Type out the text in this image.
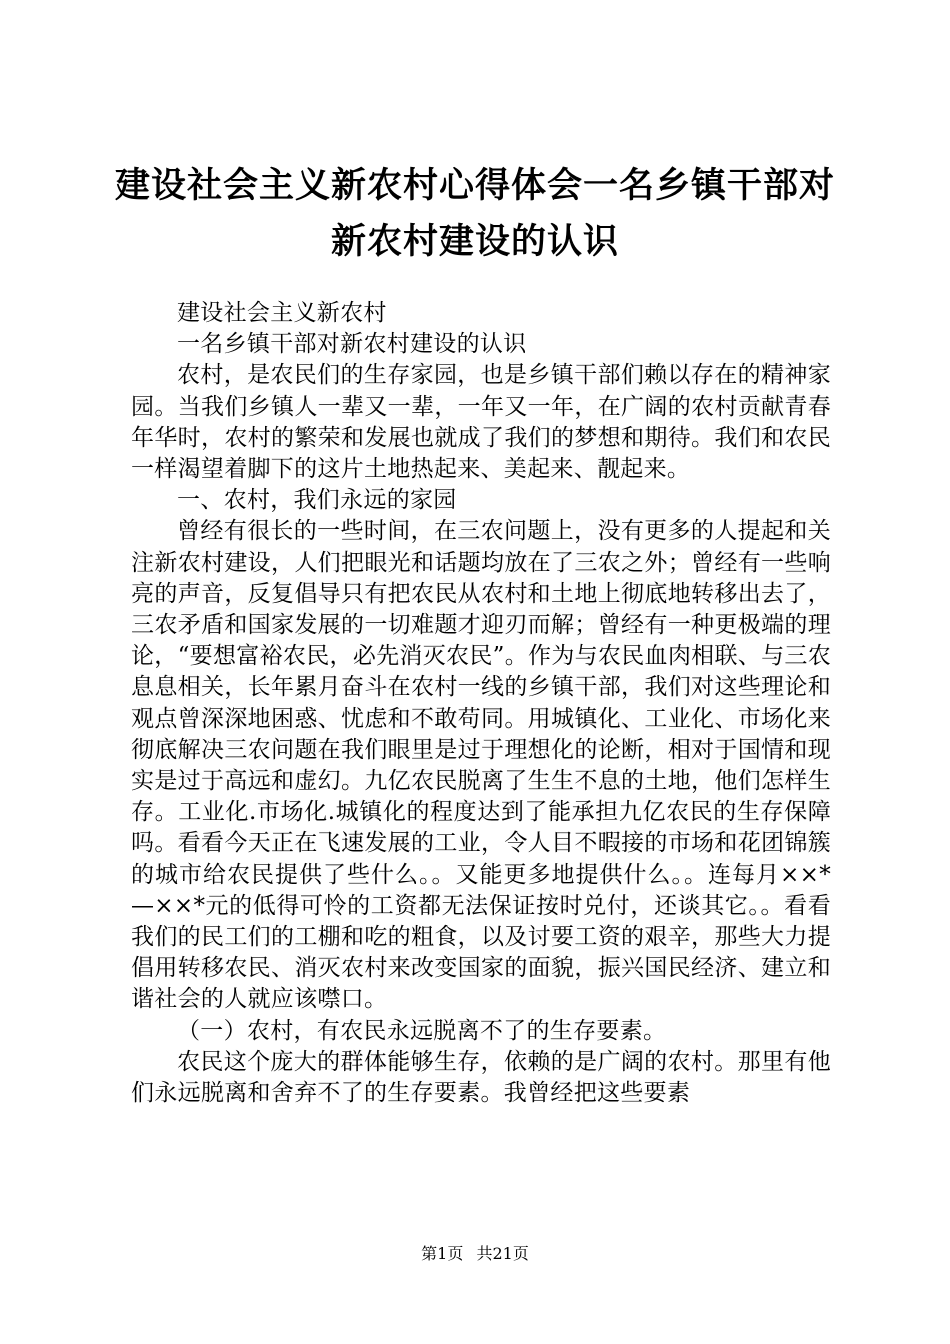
建设社会主义新农村心得体会一名乡镇干部对
新农村建设的认识

建设社会主义新农村

一名乡镇干部对新农村建设的认识

农村，是农民们的生存家园，也是乡镇干部们赖以存在的精神家园。当我们乡镇人一辈又一辈，一年又一年，在广阔的农村贡献青春年华时，农村的繁荣和发展也就成了我们的梦想和期待。我们和农民一样渴望着脚下的这片土地热起来、美起来、靓起来。

一、农村，我们永远的家园

曾经有很长的一些时间，在三农问题上，没有更多的人提起和关注新农村建设，人们把眼光和话题均放在了三农之外；曾经有一些响亮的声音，反复倡导只有把农民从农村和土地上彻底地转移出去了，三农矛盾和国家发展的一切难题才迎刃而解；曾经有一种更极端的理论，“要想富裕农民，必先消灭农民”。作为与农民血肉相联、与三农息息相关，长年累月奋斗在农村一线的乡镇干部，我们对这些理论和观点曾深深地困惑、忧虑和不敢苟同。用城镇化、工业化、市场化来彻底解决三农问题在我们眼里是过于理想化的论断，相对于国情和现实是过于高远和虚幻。九亿农民脱离了生生不息的土地，他们怎样生存。工业化.市场化.城镇化的程度达到了能承担九亿农民的生存保障吗。看看今天正在飞速发展的工业，令人目不暇接的市场和花团锦簇的城市给农民提供了些什么。。又能更多地提供什么。。连每月××*—××*元的低得可怜的工资都无法保证按时兑付，还谈其它。。看看我们的民工们的工棚和吃的粗食，以及讨要工资的艰辛，那些大力提倡用转移农民、消灭农村来改变国家的面貌，振兴国民经济、建立和谐社会的人就应该噤口。

（一）农村，有农民永远脱离不了的生存要素。

农民这个庞大的群体能够生存，依赖的是广阔的农村。那里有他们永远脱离和舍弃不了的生存要素。我曾经把这些要素

第1页 共21页
